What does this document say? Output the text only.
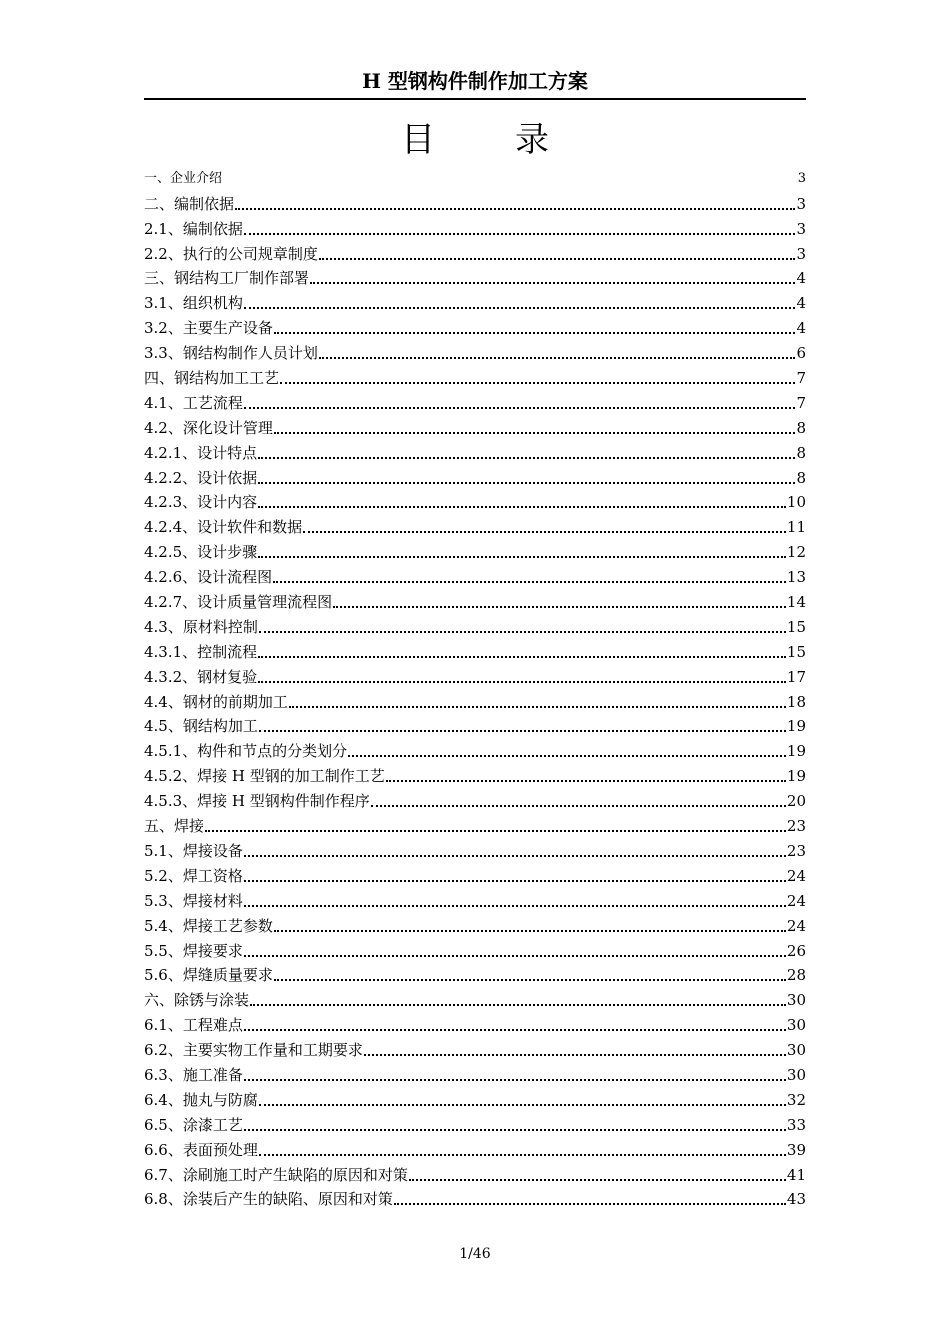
H 型钢构件制作加工方案
目录
一、企业介绍	3
二、编制依据	3
2.1、编制依据	3
2.2、执行的公司规章制度	3
三、钢结构工厂制作部署	4
3.1、组织机构	4
3.2、主要生产设备	4
3.3、钢结构制作人员计划	6
四、钢结构加工工艺	7
4.1、工艺流程	7
4.2、深化设计管理	8
4.2.1、设计特点	8
4.2.2、设计依据	8
4.2.3、设计内容	10
4.2.4、设计软件和数据	11
4.2.5、设计步骤	12
4.2.6、设计流程图	13
4.2.7、设计质量管理流程图	14
4.3、原材料控制	15
4.3.1、控制流程	15
4.3.2、钢材复验	17
4.4、钢材的前期加工	18
4.5、钢结构加工	19
4.5.1、构件和节点的分类划分	19
4.5.2、焊接 H 型钢的加工制作工艺	19
4.5.3、焊接 H 型钢构件制作程序	20
五、焊接	23
5.1、焊接设备	23
5.2、焊工资格	24
5.3、焊接材料	24
5.4、焊接工艺参数	24
5.5、焊接要求	26
5.6、焊缝质量要求	28
六、除锈与涂装	30
6.1、工程难点	30
6.2、主要实物工作量和工期要求	30
6.3、施工准备	30
6.4、抛丸与防腐	32
6.5、涂漆工艺	33
6.6、表面预处理	39
6.7、涂刷施工时产生缺陷的原因和对策	41
6.8、涂装后产生的缺陷、原因和对策	43
1/46
